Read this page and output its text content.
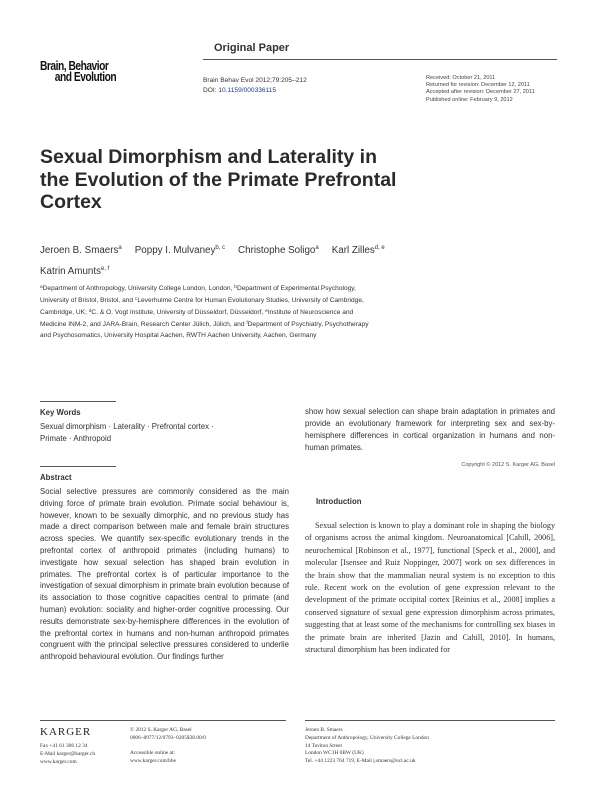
Original Paper
Brain, Behavior
and Evolution	Brain Behav Evol 2012;79:205–212
DOI: 10.1159/000336115
Received: October 21, 2011
Returned for revision: December 12, 2011
Accepted after revision: December 27, 2011
Published online: February 9, 2012
Sexual Dimorphism and Laterality in
the Evolution of the Primate Prefrontal
Cortex
Jeroen B. Smaers$^a$ Poppy I. Mulvaney$^{b, c}$ Christophe Soligo$^a$ Karl Zilles$^{d, e}$
Katrin Amunts$^{e, f}$
$^a$Department of Anthropology, University College London, London, $^b$Department of Experimental Psychology,
University of Bristol, Bristol, and $^c$Leverhulme Centre for Human Evolutionary Studies, University of Cambridge,
Cambridge, UK; $^d$C. & O. Vogt Institute, University of Düsseldorf, Düsseldorf, $^e$Institute of Neuroscience and
Medicine INM-2, and JARA-Brain, Research Center Jülich, Jülich, and $^f$Department of Psychiatry, Psychotherapy
and Psychosomatics, University Hospital Aachen, RWTH Aachen University, Aachen, Germany
Key Words
Sexual dimorphism · Laterality · Prefrontal cortex ·
Primate · Anthropoid
Abstract

Social selective pressures are commonly considered as the main driving force of primate brain evolution. Primate social behaviour is, however, known to be sexually dimorphic, and no previous study has made a direct comparison between male and female brain structures across species. We quantify sex-specific evolutionary trends in the prefrontal cortex of anthropoid primates (including humans) to investigate how sexual selection has shaped brain evolution in primates. The prefrontal cortex is of particular importance to the investigation of sexual dimorphism in primate brain evolution because of its association to those cognitive capacities central to primate (and human) evolution: sociality and higher-order cognitive processing. Our results demonstrate sex-by-hemisphere differences in the evolution of the prefrontal cortex in humans and non-human anthropoid primates congruent with the principal selective pressures considered to underlie anthropoid behavioural evolution. Our findings further

show how sexual selection can shape brain adaptation in primates and provide an evolutionary framework for interpreting sex and sex-by-hemisphere differences in cortical organization in humans and non-human primates.

Copyright © 2012 S. Karger AG, Basel
Introduction

Sexual selection is known to play a dominant role in shaping the biology of organisms across the animal kingdom. Neuroanatomical [Cahill, 2006], neurochemical [Robinson et al., 1977], functional [Speck et al., 2000], and molecular [Isensee and Ruiz Noppinger, 2007] work on sex differences in the brain show that the mammalian neural system is no exception to this rule. Recent work on the evolution of gene expression relevant to the development of the primate occipital cortex [Reinius et al., 2008] implies a conserved signature of sexual gene expression dimorphism across primates, suggesting that at least some of the mechanisms for controlling sex biases in the primate brain are inherited [Jazin and Cahill, 2010]. In humans, structural dimorphism has been indicated for

KARGER
Fax +41 61 306 12 34
E-Mail karger@karger.ch
www.karger.com
© 2012 S. Karger AG, Basel
0006–8977/12/0793–0205$38.00/0
Accessible online at:
www.karger.com/bbe
Jeroen B. Smaers
Department of Anthropology, University College London
14 Taviton Street
London WC1H 0BW (UK)
Tel. +44 1223 764 719, E-Mail j.smaers@ucl.ac.uk
